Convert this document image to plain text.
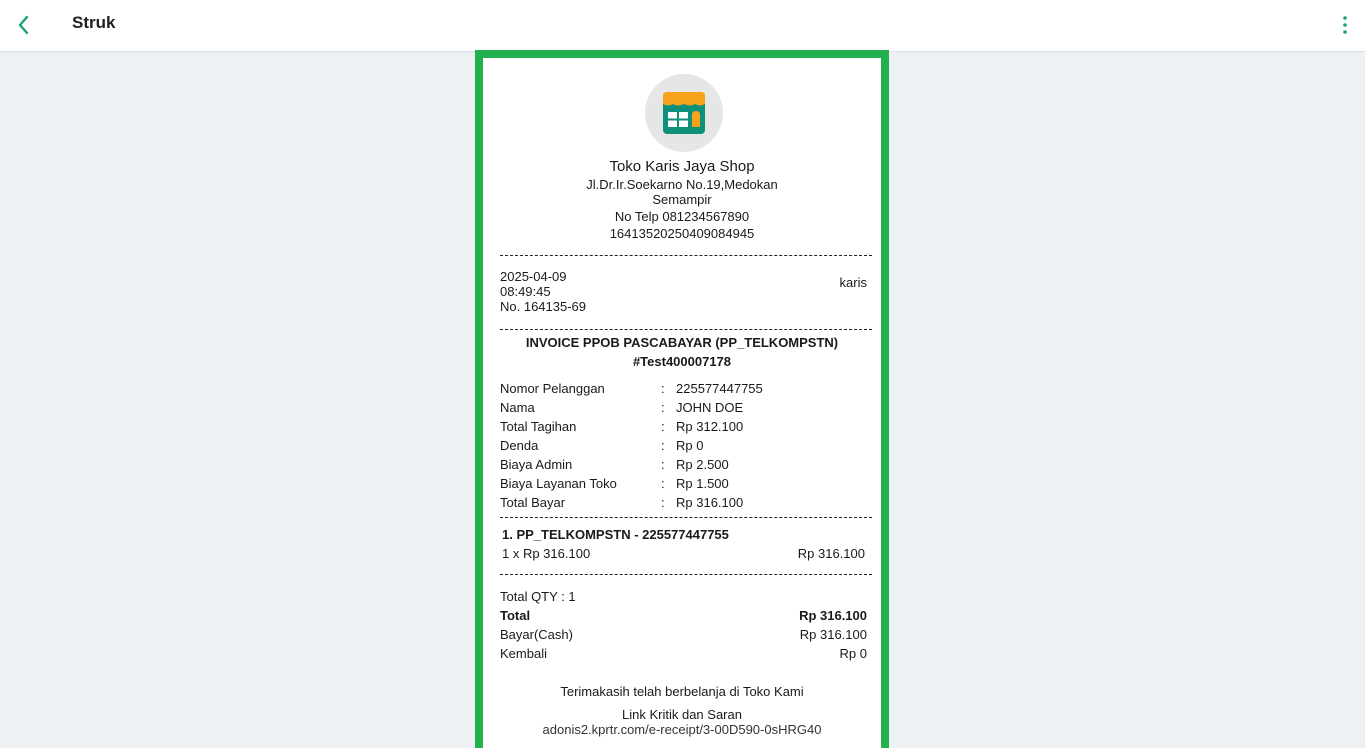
Struk
Toko Karis Jaya Shop
Jl.Dr.Ir.Soekarno No.19,Medokan
Semampir
No Telp 081234567890
16413520250409084945
2025-04-09
08:49:45
No. 164135-69
karis
INVOICE PPOB PASCABAYAR (PP_TELKOMPSTN)
#Test400007178
Nomor Pelanggan	: 225577447755
Nama	: JOHN DOE
Total Tagihan	: Rp 312.100
Denda	: Rp 0
Biaya Admin	: Rp 2.500
Biaya Layanan Toko	: Rp 1.500
Total Bayar	: Rp 316.100
1. PP_TELKOMPSTN - 225577447755
1 x Rp 316.100	Rp 316.100
Total QTY : 1
Total	Rp 316.100
Bayar(Cash)	Rp 316.100
Kembali	Rp 0
Terimakasih telah berbelanja di Toko Kami
Link Kritik dan Saran
adonis2.kprtr.com/e-receipt/3-00D590-0sHRG40
